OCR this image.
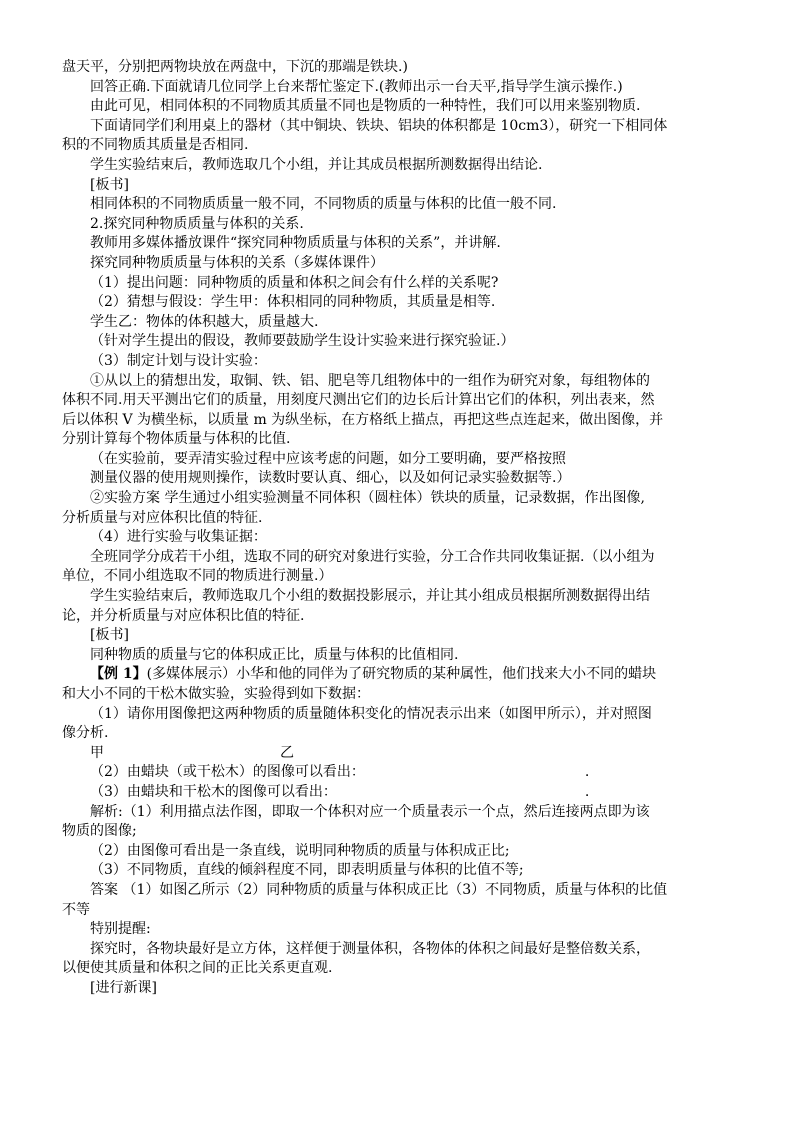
盘天平，分别把两物块放在两盘中，下沉的那端是铁块.)
回答正确.下面就请几位同学上台来帮忙鉴定下.(教师出示一台天平,指导学生演示操作.)
由此可见，相同体积的不同物质其质量不同也是物质的一种特性，我们可以用来鉴别物质.
下面请同学们利用桌上的器材（其中铜块、铁块、铝块的体积都是 10cm3），研究一下相同体
积的不同物质其质量是否相同.
学生实验结束后，教师选取几个小组，并让其成员根据所测数据得出结论.
[板书]
相同体积的不同物质质量一般不同，不同物质的质量与体积的比值一般不同.
2.探究同种物质质量与体积的关系.
教师用多媒体播放课件“探究同种物质质量与体积的关系”，并讲解.
探究同种物质质量与体积的关系（多媒体课件）
（1）提出问题：同种物质的质量和体积之间会有什么样的关系呢?
（2）猜想与假设：学生甲：体积相同的同种物质，其质量是相等.
学生乙：物体的体积越大，质量越大.
（针对学生提出的假设，教师要鼓励学生设计实验来进行探究验证.）
（3）制定计划与设计实验：
①从以上的猜想出发，取铜、铁、铝、肥皂等几组物体中的一组作为研究对象，每组物体的
体积不同.用天平测出它们的质量，用刻度尺测出它们的边长后计算出它们的体积，列出表来，然
后以体积 V 为横坐标，以质量 m 为纵坐标，在方格纸上描点，再把这些点连起来，做出图像，并
分别计算每个物体质量与体积的比值.
（在实验前，要弄清实验过程中应该考虑的问题，如分工要明确，要严格按照
测量仪器的使用规则操作，读数时要认真、细心，以及如何记录实验数据等.）
②实验方案 学生通过小组实验测量不同体积（圆柱体）铁块的质量，记录数据，作出图像,
分析质量与对应体积比值的特征.
（4）进行实验与收集证据：
全班同学分成若干小组，选取不同的研究对象进行实验，分工合作共同收集证据.（以小组为
单位，不同小组选取不同的物质进行测量.）
学生实验结束后，教师选取几个小组的数据投影展示，并让其小组成员根据所测数据得出结
论，并分析质量与对应体积比值的特征.
[板书]
同种物质的质量与它的体积成正比，质量与体积的比值相同.
【例 1】(多媒体展示）小华和他的同伴为了研究物质的某种属性，他们找来大小不同的蜡块
和大小不同的干松木做实验，实验得到如下数据：
（1）请你用图像把这两种物质的质量随体积变化的情况表示出来（如图甲所示），并对照图
像分析.
甲	乙
（2）由蜡块（或干松木）的图像可以看出：	.
（3）由蜡块和干松木的图像可以看出：	.
解析:（1）利用描点法作图，即取一个体积对应一个质量表示一个点，然后连接两点即为该
物质的图像;
（2）由图像可看出是一条直线，说明同种物质的质量与体积成正比;
（3）不同物质，直线的倾斜程度不同，即表明质量与体积的比值不等;
答案 （1）如图乙所示（2）同种物质的质量与体积成正比（3）不同物质，质量与体积的比值
不等
特别提醒:
探究时，各物块最好是立方体，这样便于测量体积，各物体的体积之间最好是整倍数关系，
以便使其质量和体积之间的正比关系更直观.
[进行新课]
